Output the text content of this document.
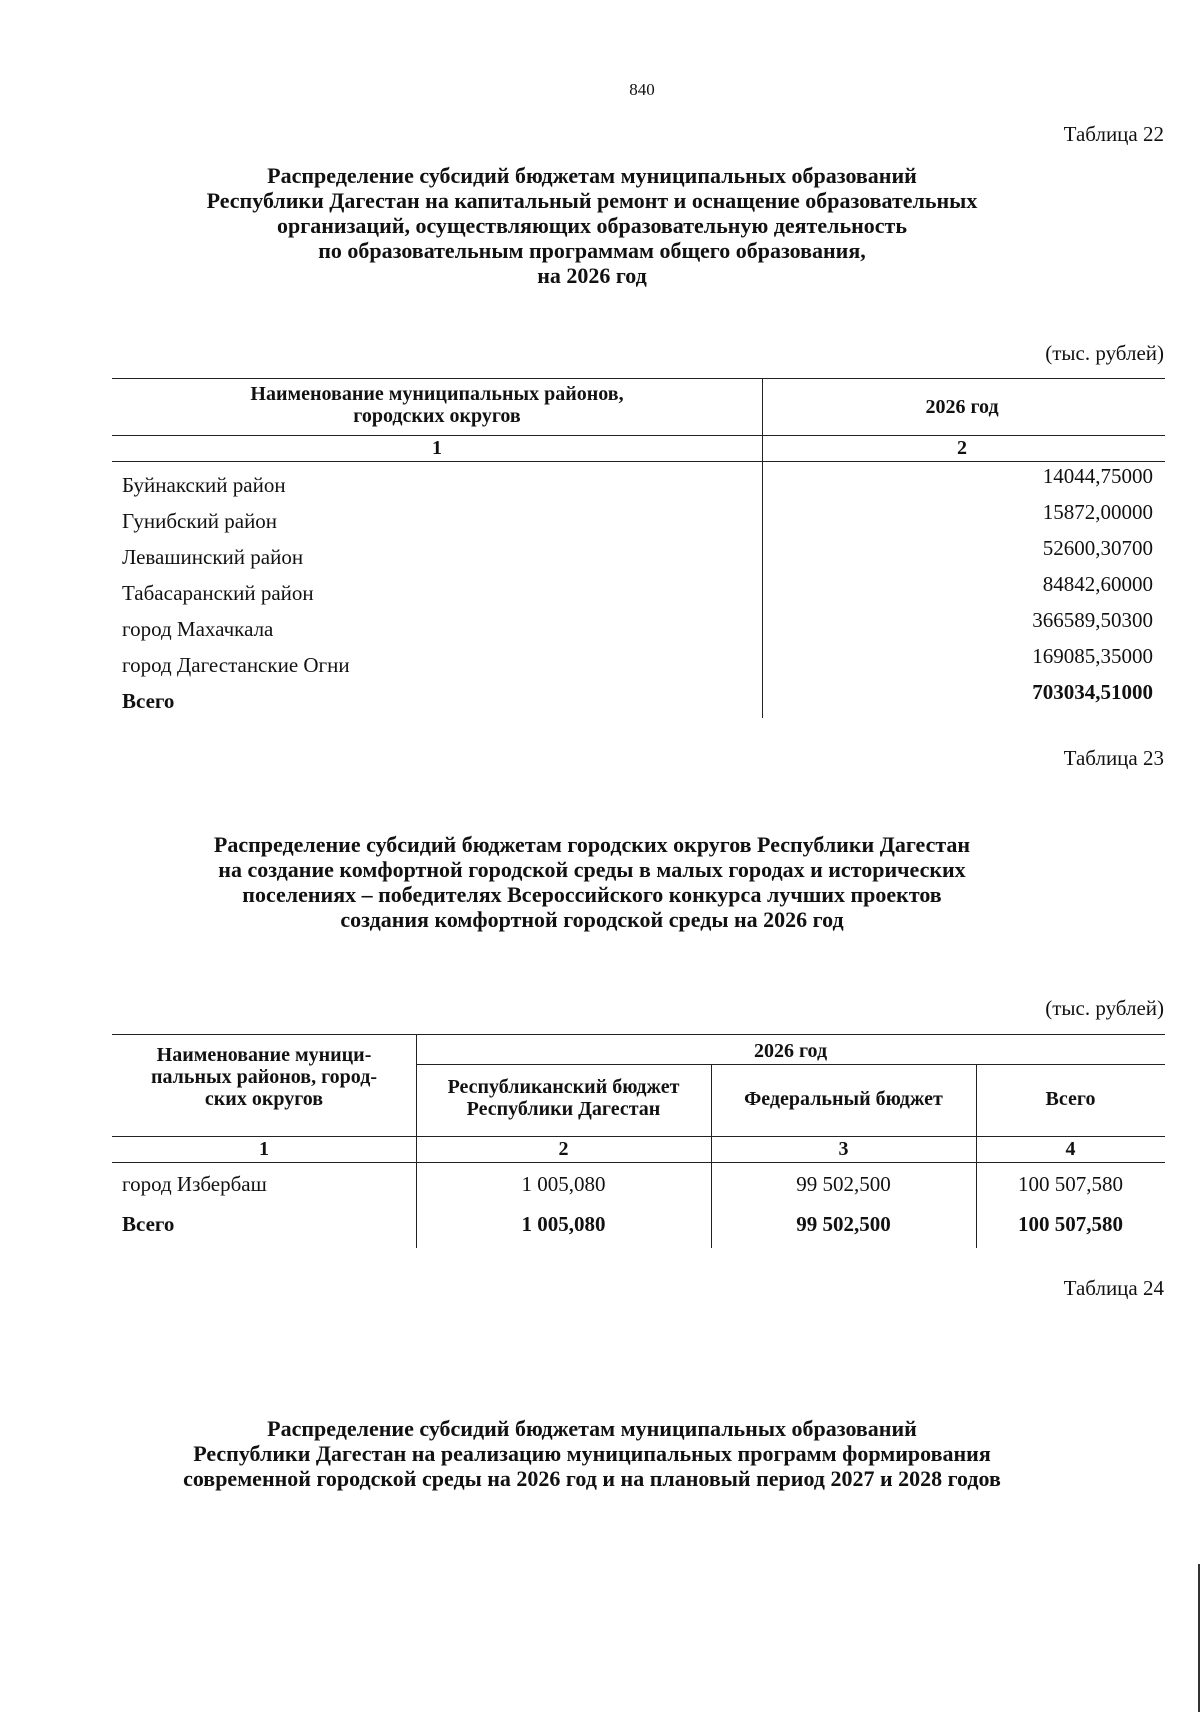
840
Таблица 22
Распределение субсидий бюджетам муниципальных образований
Республики Дагестан на капитальный ремонт и оснащение образовательных
организаций, осуществляющих образовательную деятельность
по образовательным программам общего образования,
на 2026 год
(тыс. рублей)
Наименование муниципальных районов,
городских округов	2026 год
1	2
Буйнакский район	14044,75000
Гунибский район	15872,00000
Левашинский район	52600,30700
Табасаранский район	84842,60000
город Махачкала	366589,50300
город Дагестанские Огни	169085,35000
Всего	703034,51000
Таблица 23
Распределение субсидий бюджетам городских округов Республики Дагестан
на создание комфортной городской среды в малых городах и исторических
поселениях – победителях Всероссийского конкурса лучших проектов
создания комфортной городской среды на 2026 год
(тыс. рублей)
Наименование муници-
пальных районов, город-
ских округов
2026 год
Республиканский бюджет
Республики Дагестан	Федеральный бюджет	Всего
1	2	3	4
город Избербаш	1 005,080	99 502,500	100 507,580
Всего	1 005,080	99 502,500	100 507,580
Таблица 24
Распределение субсидий бюджетам муниципальных образований
Республики Дагестан на реализацию муниципальных программ формирования
современной городской среды на 2026 год и на плановый период 2027 и 2028 годов
